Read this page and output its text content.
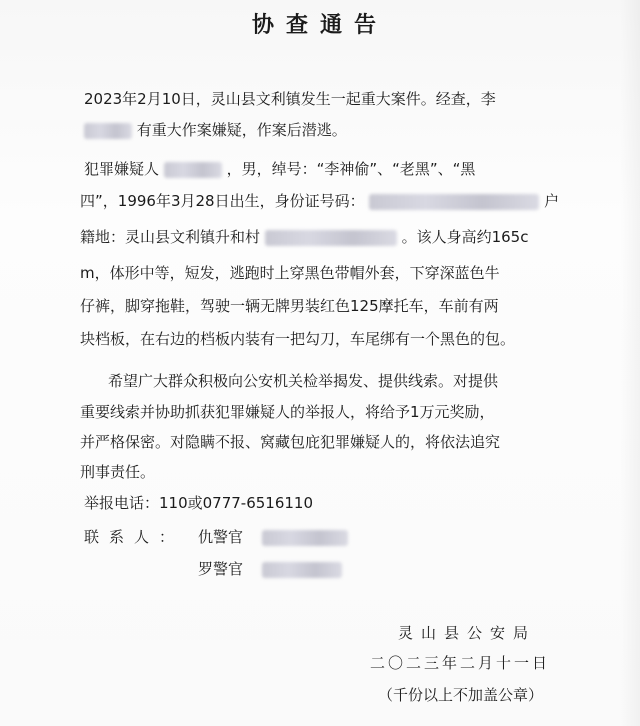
协查通告
2023年2月10日，灵山县文利镇发生一起重大案件。经查，李
有重大作案嫌疑，作案后潜逃。
犯罪嫌疑人	，男，绰号：“李神偷”、“老黑”、“黑
四”，1996年3月28日出生，身份证号码：	户
籍地：灵山县文利镇升和村	。该人身高约165c
m，体形中等，短发，逃跑时上穿黑色带帽外套，下穿深蓝色牛
仔裤，脚穿拖鞋，驾驶一辆无牌男装红色125摩托车，车前有两
块档板，在右边的档板内装有一把勾刀，车尾绑有一个黑色的包。
希望广大群众积极向公安机关检举揭发、提供线索。对提供
重要线索并协助抓获犯罪嫌疑人的举报人，将给予1万元奖励，
并严格保密。对隐瞒不报、窝藏包庇犯罪嫌疑人的，将依法追究
刑事责任。
举报电话：110或0777-6516110
联系人： 仇警官
罗警官
灵山县公安局
二〇二三年二月十一日
（千份以上不加盖公章）
